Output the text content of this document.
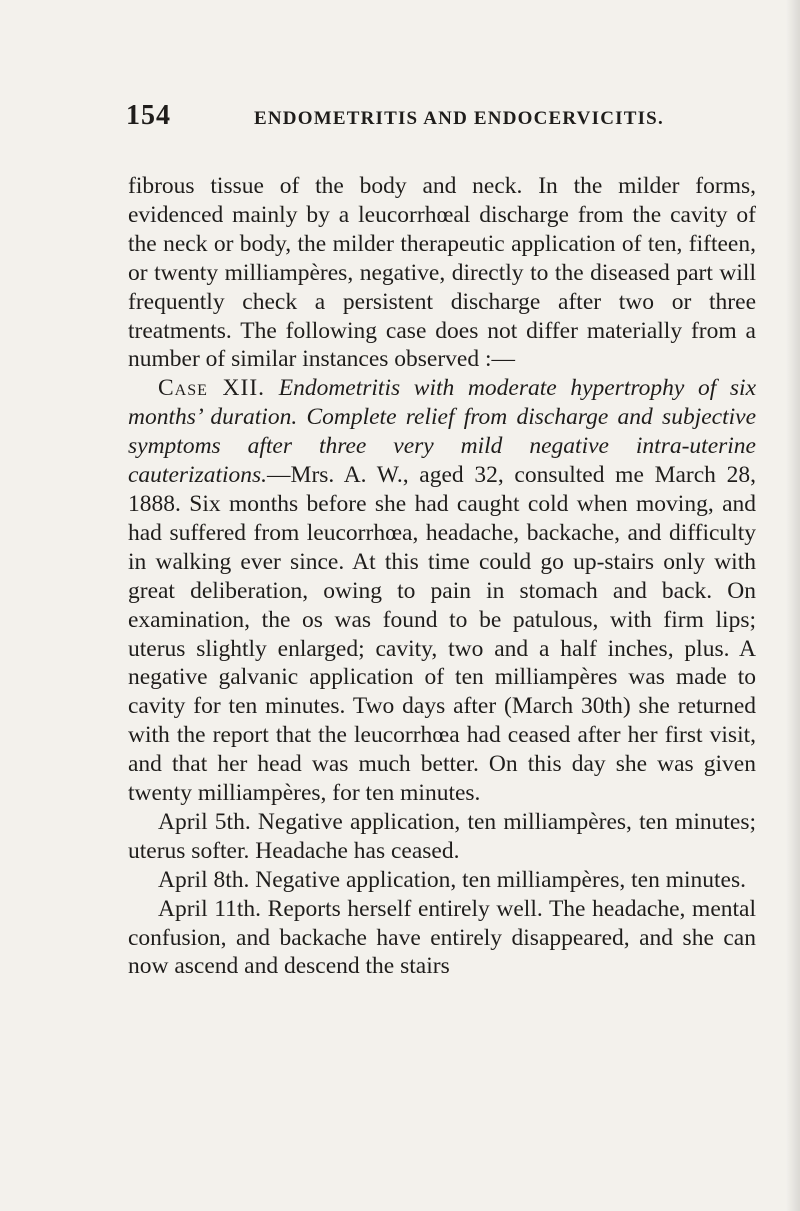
154	ENDOMETRITIS AND ENDOCERVICITIS.

fibrous tissue of the body and neck. In the milder forms, evidenced mainly by a leucorrhœal discharge from the cavity of the neck or body, the milder therapeutic application of ten, fifteen, or twenty milliampères, negative, directly to the diseased part will frequently check a persistent discharge after two or three treatments. The following case does not differ materially from a number of similar instances observed :—

Case XII. Endometritis with moderate hypertrophy of six months’ duration. Complete relief from discharge and subjective symptoms after three very mild negative intra-uterine cauterizations.—Mrs. A. W., aged 32, consulted me March 28, 1888. Six months before she had caught cold when moving, and had suffered from leucorrhœa, headache, backache, and difficulty in walking ever since. At this time could go up-stairs only with great deliberation, owing to pain in stomach and back. On examination, the os was found to be patulous, with firm lips; uterus slightly enlarged; cavity, two and a half inches, plus. A negative galvanic application of ten milliampères was made to cavity for ten minutes. Two days after (March 30th) she returned with the report that the leucorrhœa had ceased after her first visit, and that her head was much better. On this day she was given twenty milliampères, for ten minutes.

April 5th. Negative application, ten milliampères, ten minutes; uterus softer. Headache has ceased.

April 8th. Negative application, ten milliampères, ten minutes.

April 11th. Reports herself entirely well. The headache, mental confusion, and backache have entirely disappeared, and she can now ascend and descend the stairs
